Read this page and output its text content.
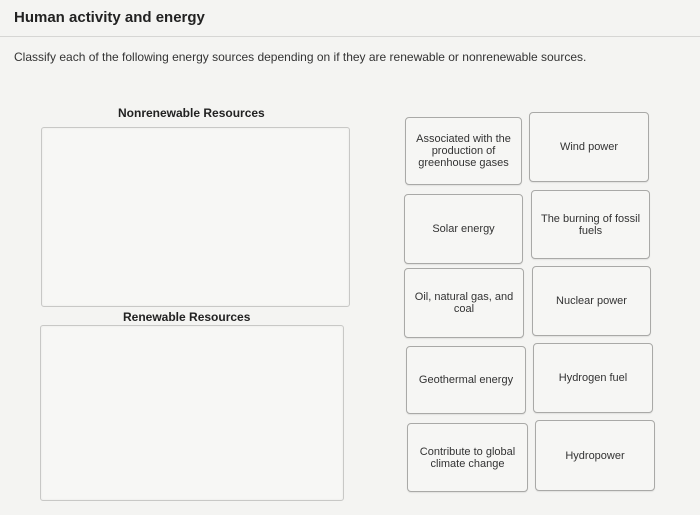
Human activity and energy
Classify each of the following energy sources depending on if they are renewable or nonrenewable sources.
Nonrenewable Resources
Renewable Resources
Associated with the production of greenhouse gases
Wind power
Solar energy
The burning of fossil fuels
Oil, natural gas, and coal
Nuclear power
Geothermal energy	Hydrogen fuel
Contribute to global climate change
Hydropower
